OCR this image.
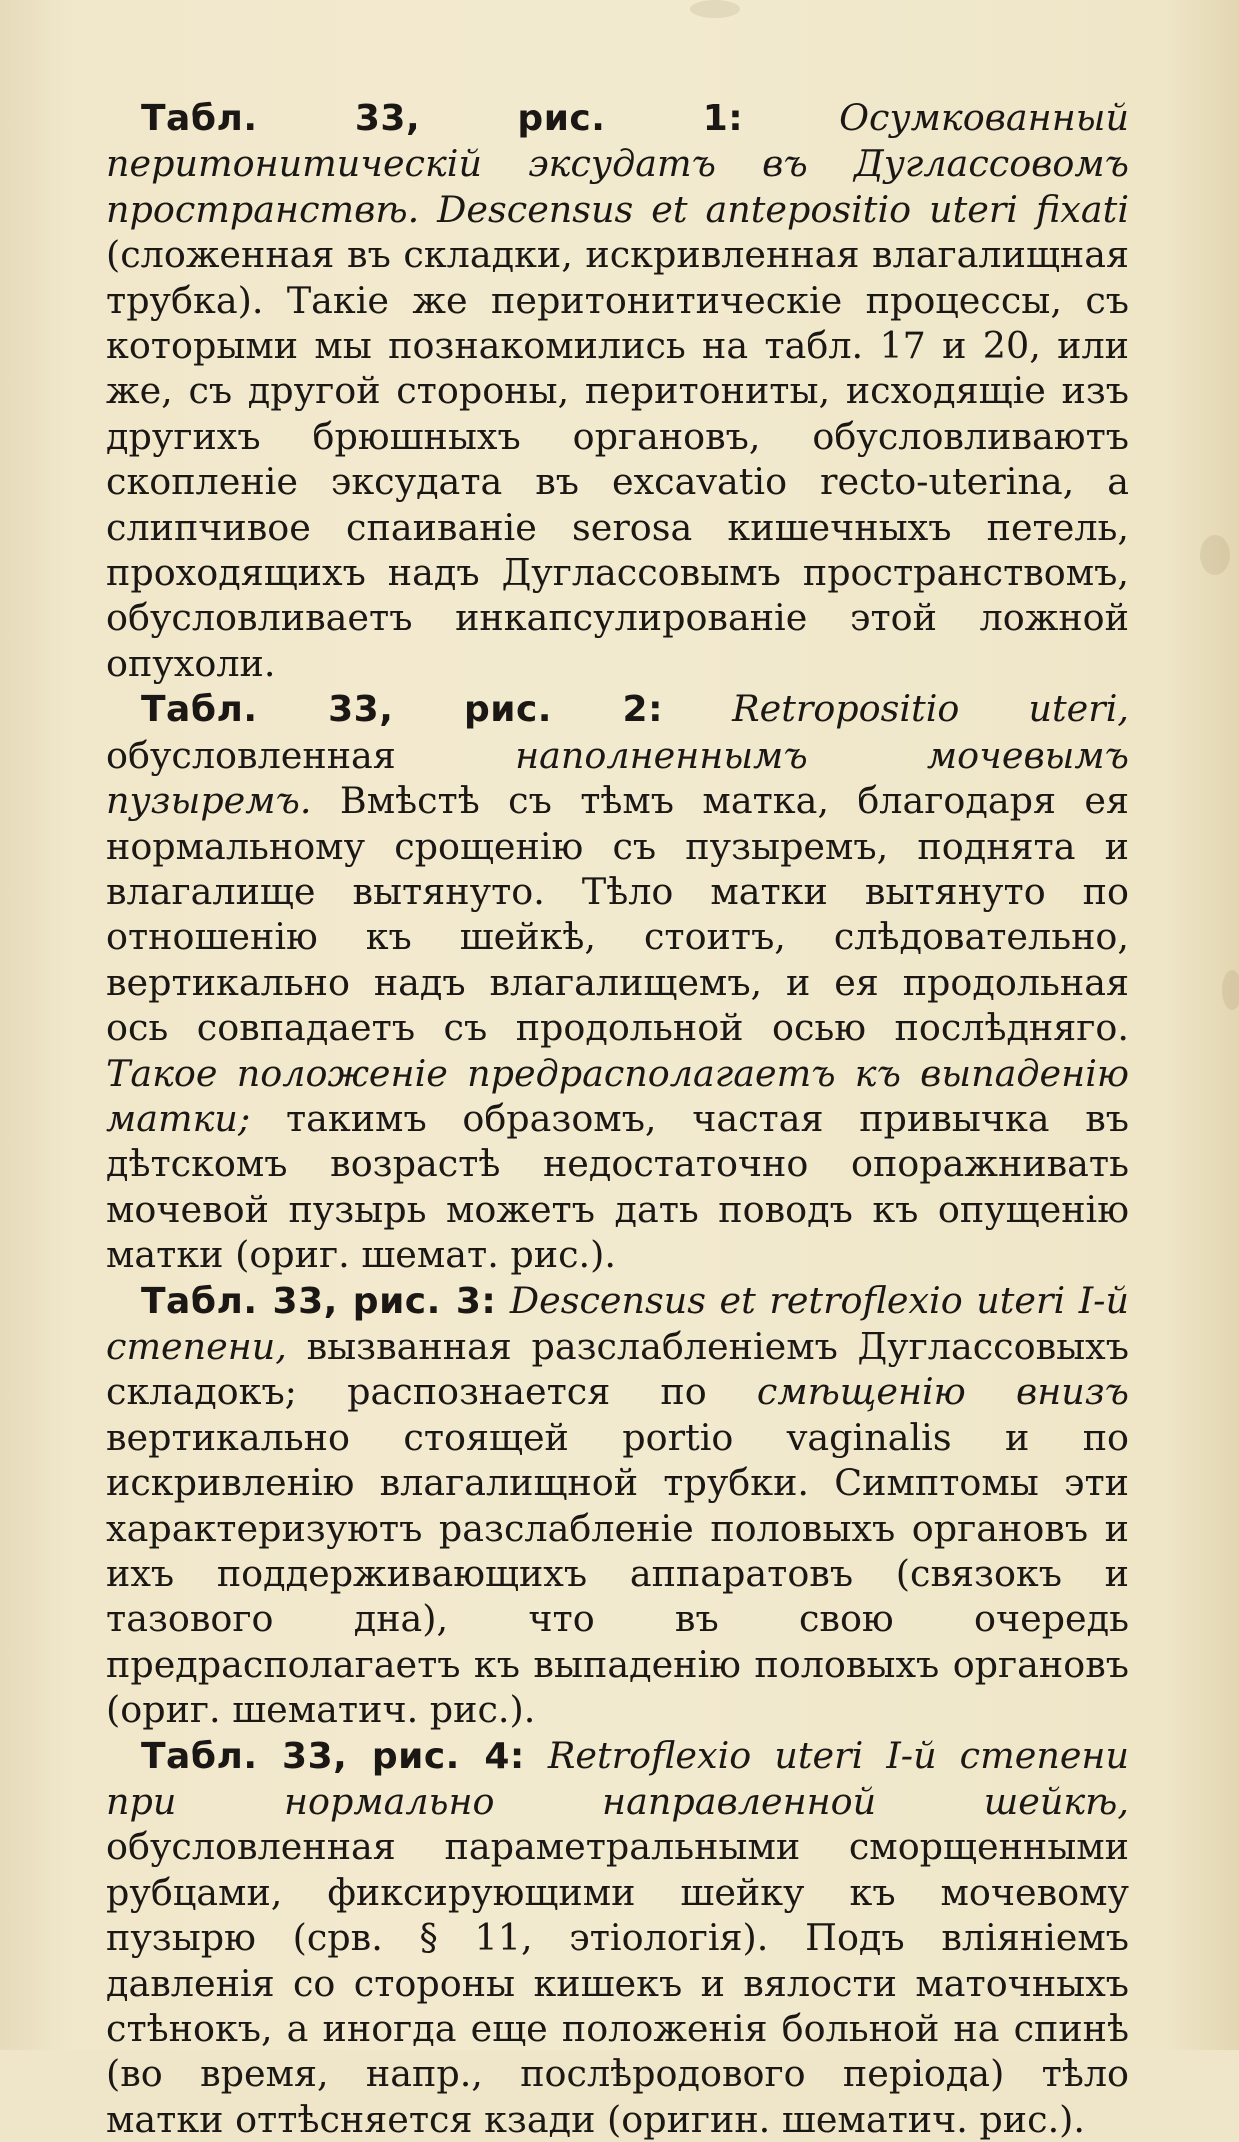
Табл. 33, рис. 1:	Осумкованный перитонитическій эксудатъ въ Дугласcовомъ пространствѣ. Descensus et anteposіtio uteri fixati (сложенная въ складки, искривленная влагалищная трубка). Такіе же перитонитическіе процессы, съ которыми мы познакомились на табл. 17 и 20, или же, съ другой стороны, перитониты, исходящіе изъ другихъ брюшныхъ органовъ, обусловливаютъ скопленіе эксудата въ excavatio recto-uterina, а слипчивое спаиваніе serosa кишечныхъ петель, проходящихъ надъ Дугласcовымъ пространствомъ, обусловливаетъ инкапсулированіе этой ложной опухоли.

Табл. 33, рис. 2: Retropositio uteri, обусловленная	наполненнымъ мочевымъ пузыремъ. Вмѣстѣ съ тѣмъ матка, благодаря ея нормальному срощенію съ пузыремъ, поднята и влагалище вытянуто. Тѣло матки вытянуто по отношенію къ шейкѣ, стоитъ, слѣдовательно, вертикально надъ влагалищемъ, и ея продольная ось совпадаетъ съ продольной осью послѣдняго. Такое положеніе предрасполагаетъ къ выпаденію матки; такимъ образомъ, частая привычка въ дѣтскомъ возрастѣ недостаточно опоражнивать мочевой пузырь можетъ дать поводъ къ опущенію матки (ориг. шемат. рис.).

Табл. 33, рис. 3: Descensus et retroflexio uteri І-й степени, вызванная разслабленіемъ Дугласcовыхъ складокъ; распознается по смѣщенію внизъ вертикально стоящей portio vaginalis и по искривленію влагалищной трубки. Симптомы эти характеризуютъ разслабленіе половыхъ органовъ и ихъ поддерживающихъ аппаратовъ (связокъ и тазового дна), что въ свою очередь предрасполагаетъ къ выпаденію половыхъ органовъ (ориг. шематич. рис.).

Табл. 33, рис. 4: Retroflexio uteri І-й степени при нормально направленной шейкѣ, обусловленная параметральными сморщенными рубцами, фиксирующими шейку къ мочевому пузырю (срв. § 11, этіологія). Подъ вліяніемъ давленія со стороны кишекъ и вялости маточныхъ стѣнокъ, а иногда еще положенія больной на спинѣ (во время, напр., послѣродового періода) тѣло матки оттѣсняется кзади (оригин. шематич. рис.).
